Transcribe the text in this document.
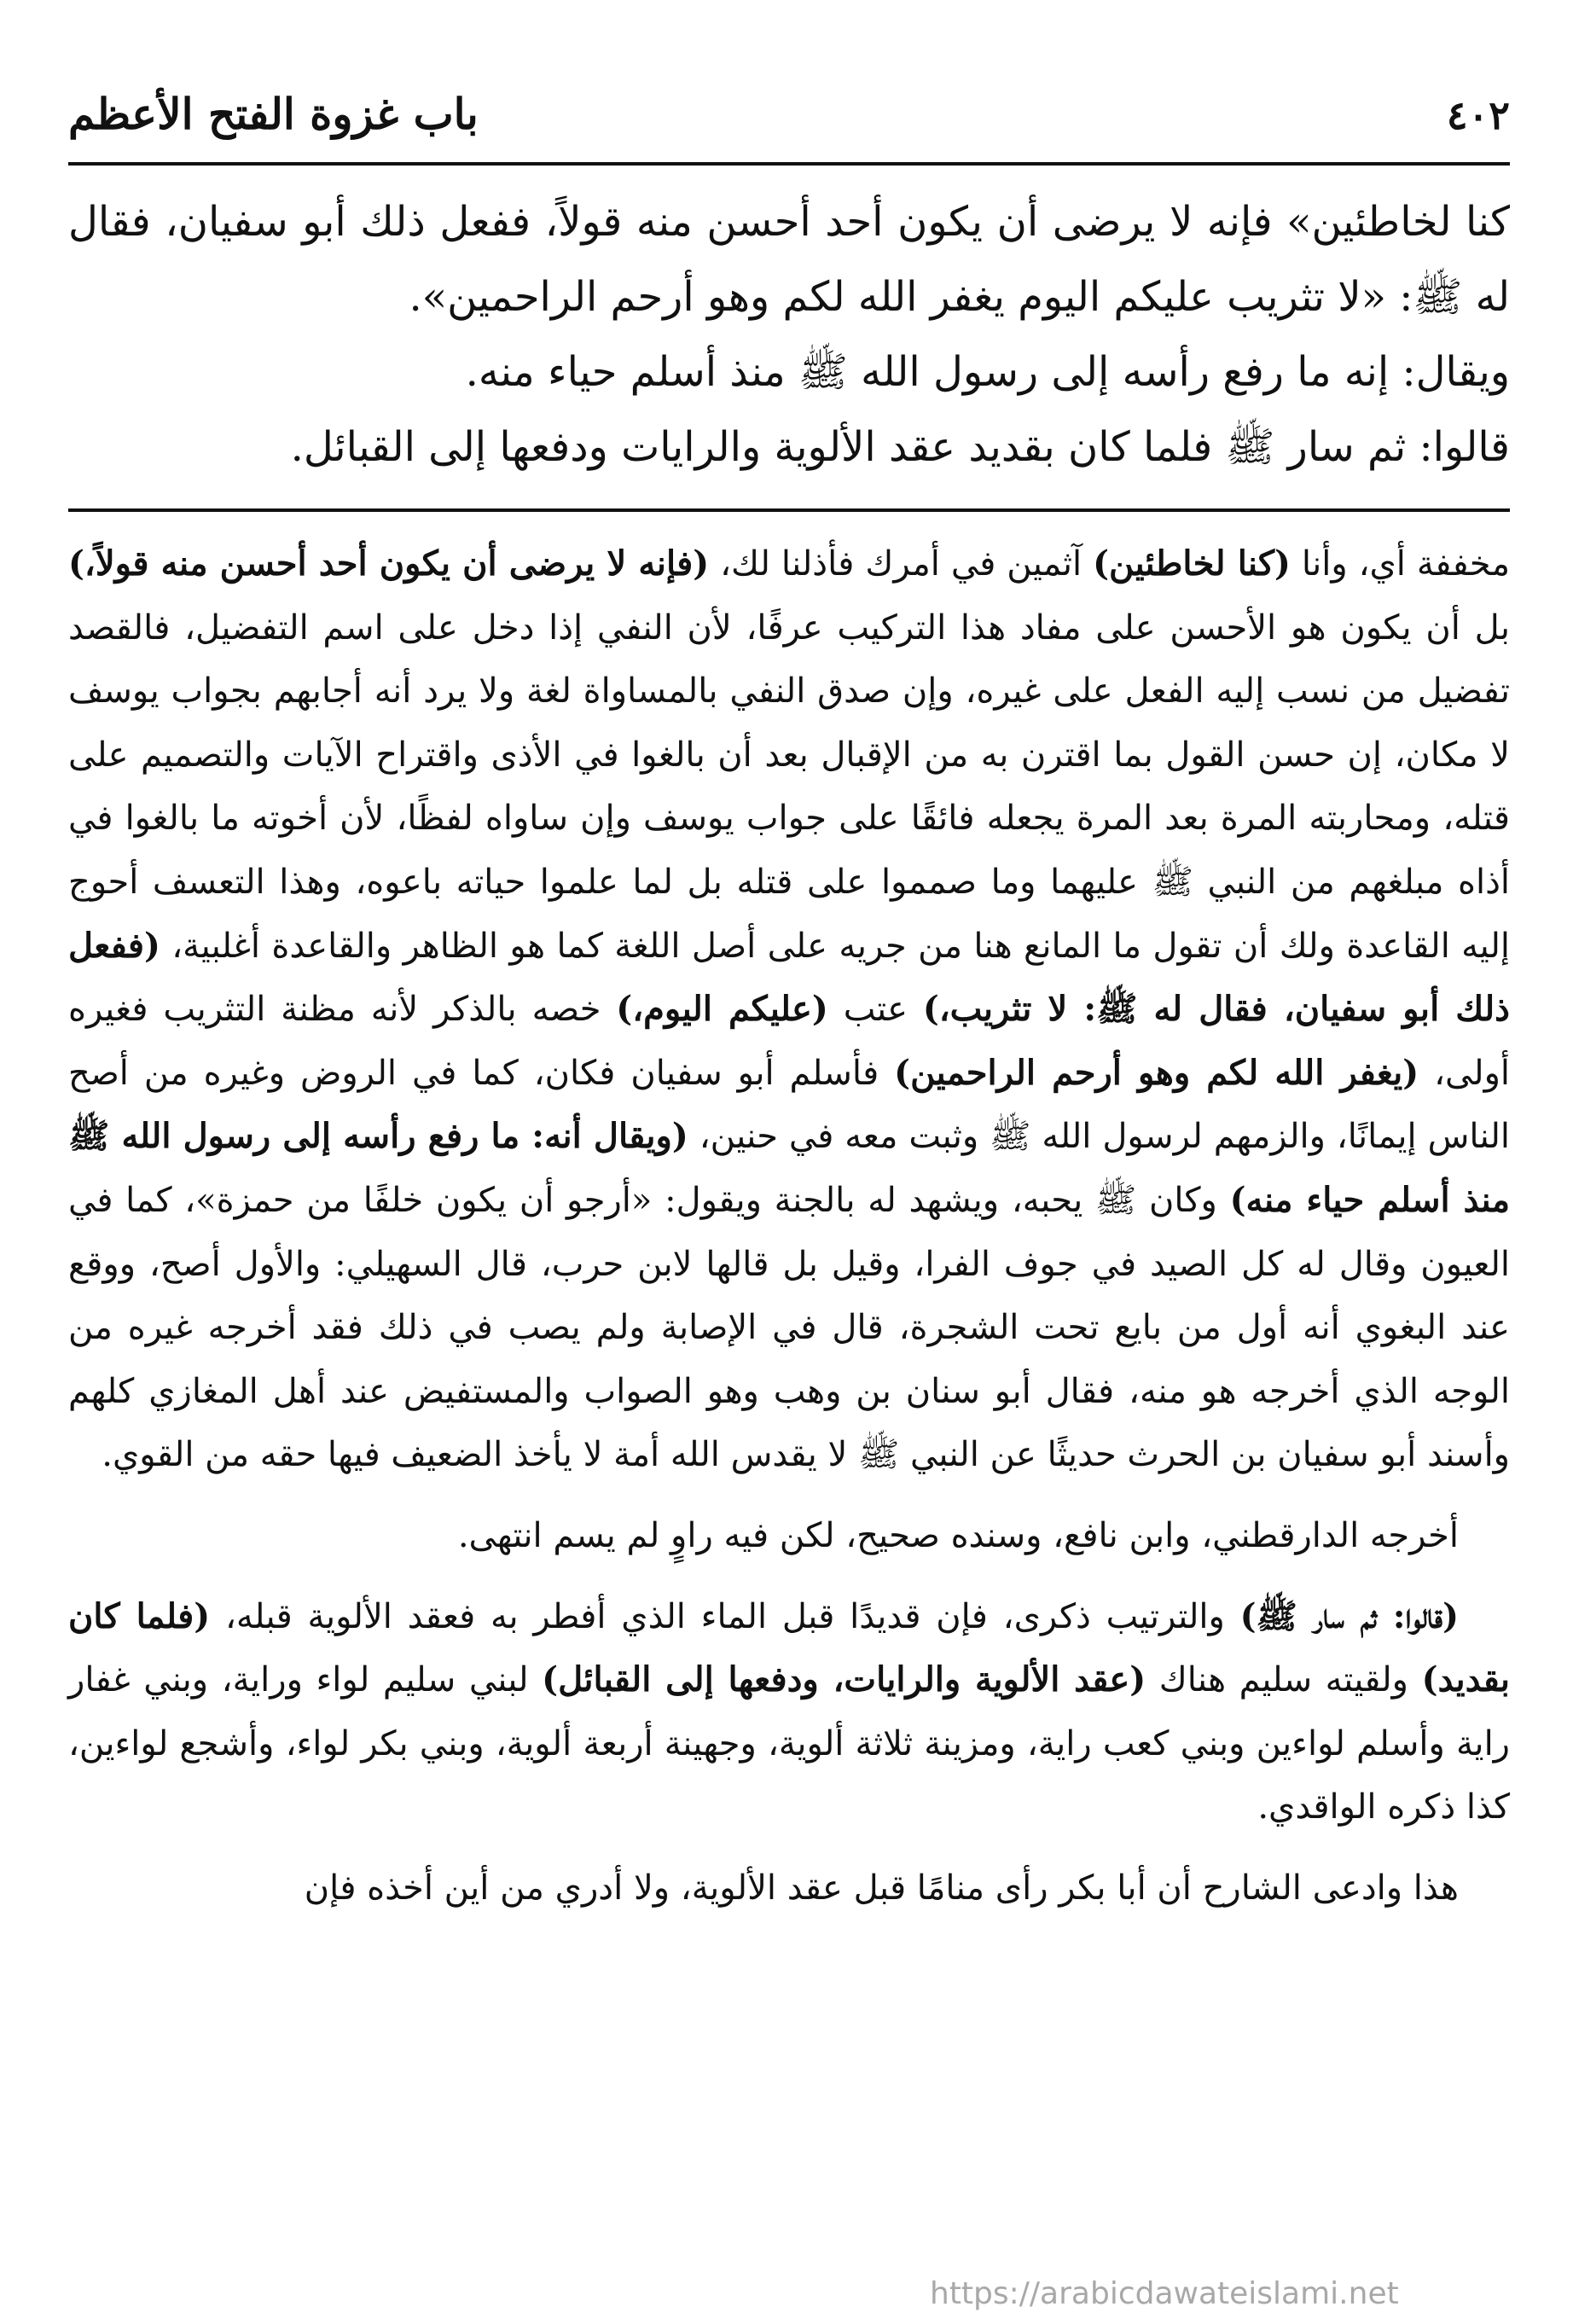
٤٠٢
باب غزوة الفتح الأعظم

كنا لخاطئين» فإنه لا يرضى أن يكون أحد أحسن منه قولاً، ففعل ذلك أبو سفيان، فقال له ﷺ: «لا تثريب عليكم اليوم يغفر الله لكم وهو أرحم الراحمين».

ويقال: إنه ما رفع رأسه إلى رسول الله ﷺ منذ أسلم حياء منه.

قالوا: ثم سار ﷺ فلما كان بقديد عقد الألوية والرايات ودفعها إلى القبائل.

مخففة أي، وأنا (كنا لخاطئين) آثمين في أمرك فأذلنا لك، (فإنه لا يرضى أن يكون أحد أحسن منه قولاً،) بل أن يكون هو الأحسن على مفاد هذا التركيب عرفًا، لأن النفي إذا دخل على اسم التفضيل، فالقصد تفضيل من نسب إليه الفعل على غيره، وإن صدق النفي بالمساواة لغة ولا يرد أنه أجابهم بجواب يوسف لا مكان، إن حسن القول بما اقترن به من الإقبال بعد أن بالغوا في الأذى واقتراح الآيات والتصميم على قتله، ومحاربته المرة بعد المرة يجعله فائقًا على جواب يوسف وإن ساواه لفظًا، لأن أخوته ما بالغوا في أذاه مبلغهم من النبي ﷺ عليهما وما صمموا على قتله بل لما علموا حياته باعوه، وهذا التعسف أحوج إليه القاعدة ولك أن تقول ما المانع هنا من جريه على أصل اللغة كما هو الظاهر والقاعدة أغلبية، (ففعل ذلك أبو سفيان، فقال له ﷺ: لا تثريب،) عتب (عليكم اليوم،) خصه بالذكر لأنه مظنة التثريب فغيره أولى، (يغفر الله لكم وهو أرحم الراحمين) فأسلم أبو سفيان فكان، كما في الروض وغيره من أصح الناس إيمانًا، والزمهم لرسول الله ﷺ وثبت معه في حنين، (ويقال أنه: ما رفع رأسه إلى رسول الله ﷺ منذ أسلم حياء منه) وكان ﷺ يحبه، ويشهد له بالجنة ويقول: «أرجو أن يكون خلفًا من حمزة»، كما في العيون وقال له كل الصيد في جوف الفرا، وقيل بل قالها لابن حرب، قال السهيلي: والأول أصح، ووقع عند البغوي أنه أول من بايع تحت الشجرة، قال في الإصابة ولم يصب في ذلك فقد أخرجه غيره من الوجه الذي أخرجه هو منه، فقال أبو سنان بن وهب وهو الصواب والمستفيض عند أهل المغازي كلهم وأسند أبو سفيان بن الحرث حديثًا عن النبي ﷺ لا يقدس الله أمة لا يأخذ الضعيف فيها حقه من القوي.

أخرجه الدارقطني، وابن نافع، وسنده صحيح، لكن فيه راوٍ لم يسم انتهى.

(قالوا: ثم سار ﷺ) والترتيب ذكرى، فإن قديدًا قبل الماء الذي أفطر به فعقد الألوية قبله، (فلما كان بقديد) ولقيته سليم هناك (عقد الألوية والرايات، ودفعها إلى القبائل) لبني سليم لواء وراية، وبني غفار راية وأسلم لواءين وبني كعب راية، ومزينة ثلاثة ألوية، وجهينة أربعة ألوية، وبني بكر لواء، وأشجع لواءين، كذا ذكره الواقدي.

هذا وادعى الشارح أن أبا بكر رأى منامًا قبل عقد الألوية، ولا أدري من أين أخذه فإن

https://arabicdawateislami.net
